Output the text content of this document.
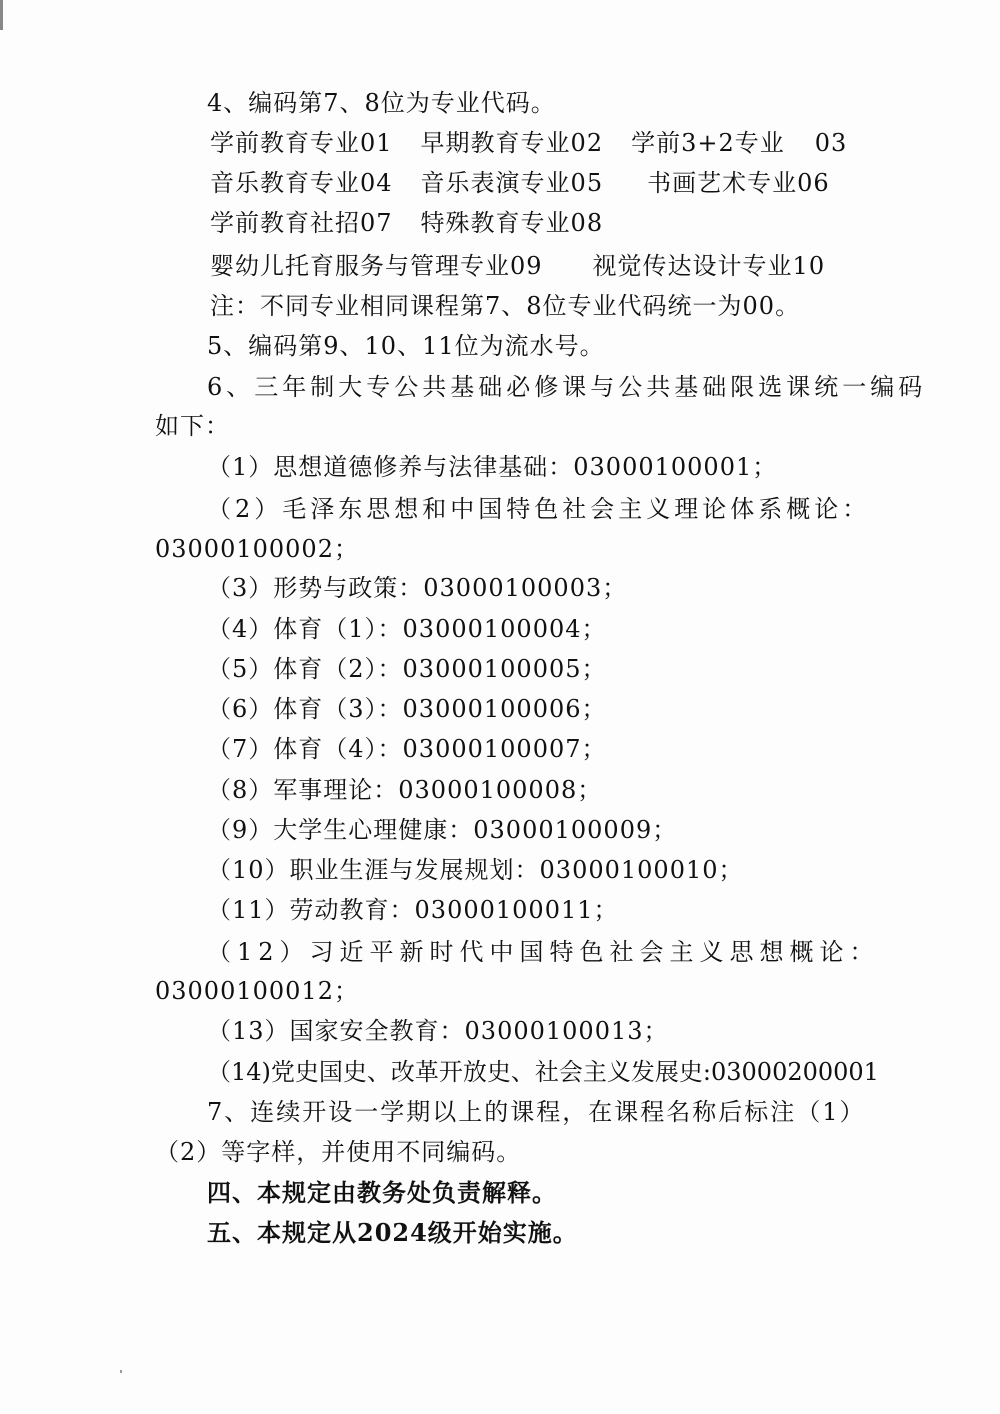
4、编码第7、8位为专业代码。
学前教育专业01 早期教育专业02 学前3+2专业 03
音乐教育专业04 音乐表演专业05 书画艺术专业06
学前教育社招07 特殊教育专业08
婴幼儿托育服务与管理专业09 视觉传达设计专业10
注：不同专业相同课程第7、8位专业代码统一为00。
5、编码第9、10、11位为流水号。
6、三年制大专公共基础必修课与公共基础限选课统一编码
如下：
（1）思想道德修养与法律基础：03000100001；
（2）毛泽东思想和中国特色社会主义理论体系概论：
03000100002；
（3）形势与政策：03000100003；
（4）体育（1）：03000100004；
（5）体育（2）：03000100005；
（6）体育（3）：03000100006；
（7）体育（4）：03000100007；
（8）军事理论：03000100008；
（9）大学生心理健康：03000100009；
（10）职业生涯与发展规划：03000100010；
（11）劳动教育：03000100011；
（12）习近平新时代中国特色社会主义思想概论：
03000100012；
（13）国家安全教育：03000100013；
（14)党史国史、改革开放史、社会主义发展史:03000200001
7、连续开设一学期以上的课程，在课程名称后标注（1）
（2）等字样，并使用不同编码。
四、本规定由教务处负责解释。
五、本规定从2024级开始实施。
